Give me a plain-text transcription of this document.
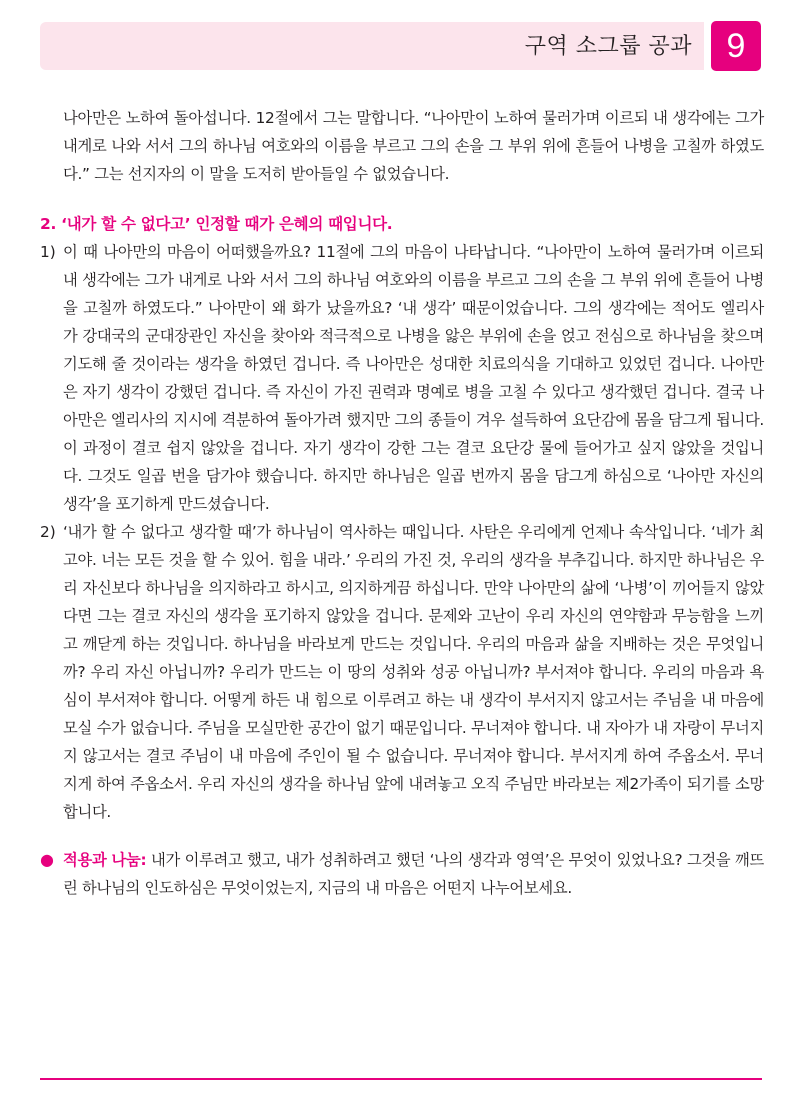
구역 소그룹 공과	9

나아만은 노하여 돌아섭니다. 12절에서 그는 말합니다. “나아만이 노하여 물러가며 이르되 내 생각에는 그가 내게로 나와 서서 그의 하나님 여호와의 이름을 부르고 그의 손을 그 부위 위에 흔들어 나병을 고칠까 하였도다.” 그는 선지자의 이 말을 도저히 받아들일 수 없었습니다.

2. ‘내가 할 수 없다고’ 인정할 때가 은혜의 때입니다.
1) 이 때 나아만의 마음이 어떠했을까요? 11절에 그의 마음이 나타납니다. “나아만이 노하여 물러가며 이르되 내 생각에는 그가 내게로 나와 서서 그의 하나님 여호와의 이름을 부르고 그의 손을 그 부위 위에 흔들어 나병을 고칠까 하였도다.” 나아만이 왜 화가 났을까요? ‘내 생각’ 때문이었습니다. 그의 생각에는 적어도 엘리사가 강대국의 군대장관인 자신을 찾아와 적극적으로 나병을 앓은 부위에 손을 얹고 전심으로 하나님을 찾으며 기도해 줄 것이라는 생각을 하였던 겁니다. 즉 나아만은 성대한 치료의식을 기대하고 있었던 겁니다. 나아만은 자기 생각이 강했던 겁니다. 즉 자신이 가진 권력과 명예로 병을 고칠 수 있다고 생각했던 겁니다. 결국 나아만은 엘리사의 지시에 격분하여 돌아가려 했지만 그의 종들이 겨우 설득하여 요단감에 몸을 담그게 됩니다. 이 과정이 결코 쉽지 않았을 겁니다. 자기 생각이 강한 그는 결코 요단강 물에 들어가고 싶지 않았을 것입니다. 그것도 일곱 번을 담가야 했습니다. 하지만 하나님은 일곱 번까지 몸을 담그게 하심으로 ‘나아만 자신의 생각’을 포기하게 만드셨습니다.

2) ‘내가 할 수 없다고 생각할 때’가 하나님이 역사하는 때입니다. 사탄은 우리에게 언제나 속삭입니다. ‘네가 최고야. 너는 모든 것을 할 수 있어. 힘을 내라.’ 우리의 가진 것, 우리의 생각을 부추깁니다. 하지만 하나님은 우리 자신보다 하나님을 의지하라고 하시고, 의지하게끔 하십니다. 만약 나아만의 삶에 ‘나병’이 끼어들지 않았다면 그는 결코 자신의 생각을 포기하지 않았을 겁니다. 문제와 고난이 우리 자신의 연약함과 무능함을 느끼고 깨닫게 하는 것입니다. 하나님을 바라보게 만드는 것입니다. 우리의 마음과 삶을 지배하는 것은 무엇입니까? 우리 자신 아닙니까? 우리가 만드는 이 땅의 성취와 성공 아닙니까? 부서져야 합니다. 우리의 마음과 욕심이 부서져야 합니다. 어떻게 하든 내 힘으로 이루려고 하는 내 생각이 부서지지 않고서는 주님을 내 마음에 모실 수가 없습니다. 주님을 모실만한 공간이 없기 때문입니다. 무너져야 합니다. 내 자아가 내 자랑이 무너지지 않고서는 결코 주님이 내 마음에 주인이 될 수 없습니다. 무너져야 합니다. 부서지게 하여 주옵소서. 무너지게 하여 주옵소서. 우리 자신의 생각을 하나님 앞에 내려놓고 오직 주님만 바라보는 제2가족이 되기를 소망합니다.

● 적용과 나눔: 내가 이루려고 했고, 내가 성취하려고 했던 ‘나의 생각과 영역’은 무엇이 있었나요? 그것을 깨뜨린 하나님의 인도하심은 무엇이었는지, 지금의 내 마음은 어떤지 나누어보세요.
